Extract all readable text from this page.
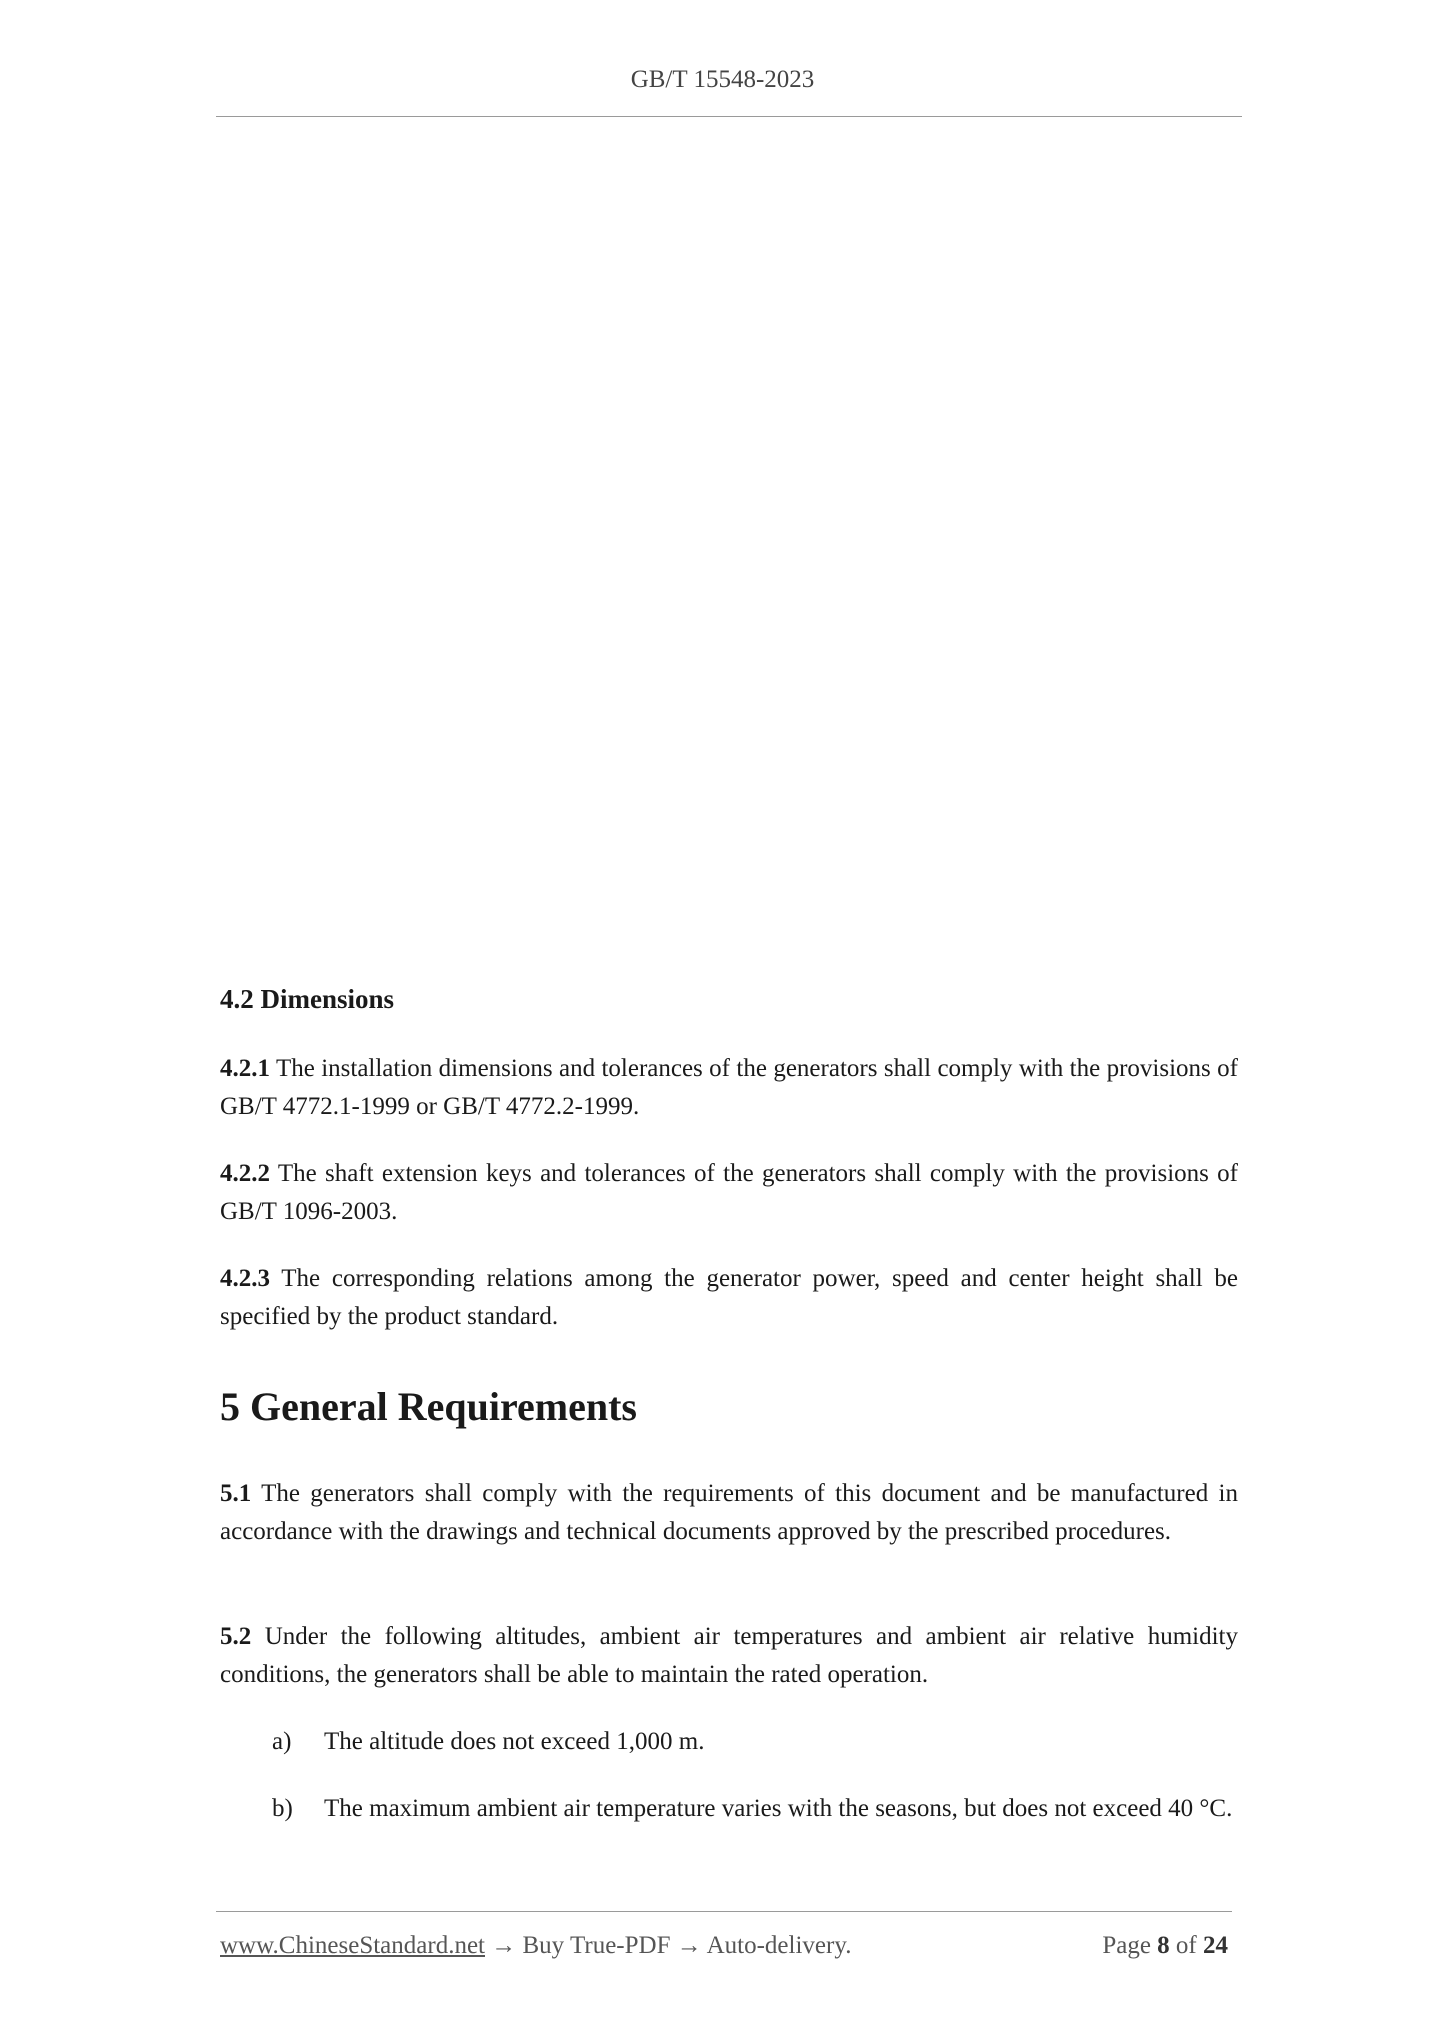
GB/T 15548-2023
4.2 Dimensions
4.2.1 The installation dimensions and tolerances of the generators shall comply with the provisions of GB/T 4772.1-1999 or GB/T 4772.2-1999.
4.2.2 The shaft extension keys and tolerances of the generators shall comply with the provisions of GB/T 1096-2003.
4.2.3 The corresponding relations among the generator power, speed and center height shall be specified by the product standard.
5 General Requirements
5.1 The generators shall comply with the requirements of this document and be manufactured in accordance with the drawings and technical documents approved by the prescribed procedures.
5.2 Under the following altitudes, ambient air temperatures and ambient air relative humidity conditions, the generators shall be able to maintain the rated operation.
a) The altitude does not exceed 1,000 m.
b) The maximum ambient air temperature varies with the seasons, but does not exceed 40 °C.
www.ChineseStandard.net → Buy True-PDF → Auto-delivery.	Page 8 of 24
